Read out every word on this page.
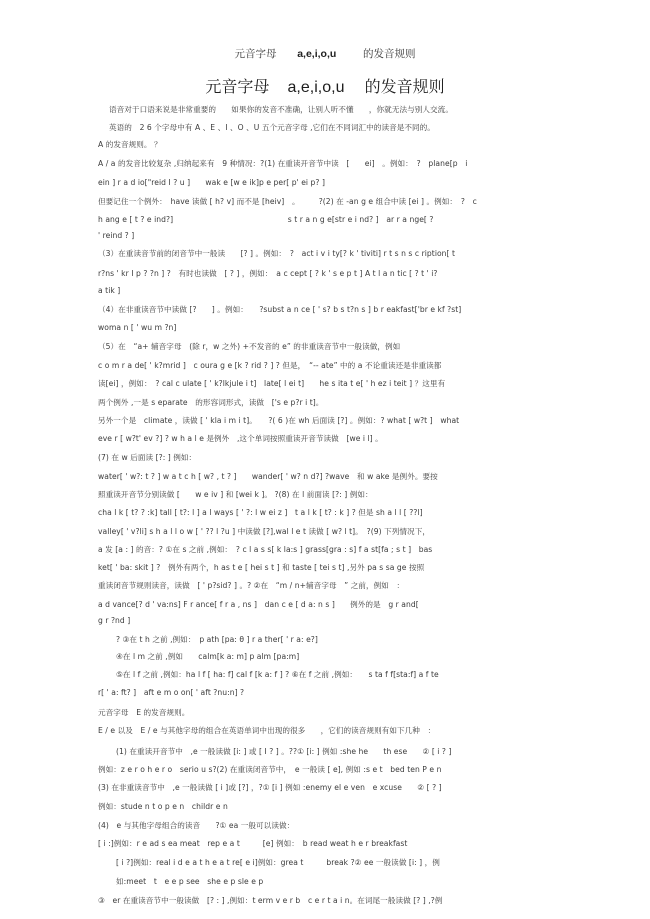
元音字母 a,e,i,o,u	的发音规则
元音字母 a,e,i,o,u 的发音规则
语音对于口语来说是非常重要的　　如果你的发音不准确，让别人听不懂　　，你就无法与别人交流。
英语的　2 6 个字母中有 A 、E 、I 、O 、U 五个元音字母 ,它们在不同词汇中的读音是不同的。
A 的发音规则。 ？
A / a 的发音比较复杂 ,归纳起来有　9 种情况：?(1) 在重读开音节中读　[　　ei]　。例如：　?　plane[p　i
ein ] r a d io["reid I ? u ]　　wak e [w e ik]p e per[ p' ei p? ]
但要记住一个例外：　have 读做 [ h? v] 而不是 [heiv]　。　　　?(2) 在 -an g e 组合中读 [ei ] 。例如：　?　c
h ang e [ t ? e ind?]　　　　　　　　　　　　　　　s t r a n g e[str e i nd? ]　ar r a nge[ ?
' reind ? ]
（3）在重读音节前的闭音节中一般读　　[? ] 。例如：　?　act i v i ty[? k ' tiviti] r t s n s c ription[ t
r?ns ' kr I p ? ?n ] ?　有时也读做　[ ? ] ，例如：　a c cept [ ? k ' s e p t ] A t l a n tic [ ? t ' i?
a tik ]
（4）在非重读音节中读做 [?　　] 。例如：　　?subst a n ce [ ' s? b s t?n s ] b r eakfast['br e kf ?st]
woma n [ ' wu m ?n]
（5）在　“a+ 辅音字母　(除 r，w 之外) +不发音的 e” 的非重读音节中一般读做，例如
c o m r a de[ ' k?mrid ]　c oura g e [k ? rid ? ] ? 但是，　“-- ate” 中的 a 不论重读还是非重读都
读[ei] ，例如：　? cal c ulate [ ' k?lkjule i t]　late[ l ei t]　　he s ita t e[ ' h ez i teit ] ？这里有
两个例外 ,一是 s eparate　的形容词形式，读做　['s e p?r i t]。
另外一个是　climate ，读做 [ ' kla i m i t]。　　?( 6 )在 wh 后面读 [?] 。例如：? what [ w?t ]　what
eve r [ w?t' ev ?] ? w h a l e 是例外　,这个单词按照重读开音节读做　[we i l] 。
(7) 在 w 后面读 [?: ] 例如：
water[ ' w?: t ? ] w a t c h [ w? , t ? ]　　wander[ ' w? n d?] ?wave　和 w ake 是例外。要按
照重读开音节分别读做 [　　w e iv ] 和 [wei k ]。 ?(8) 在 l 前面读 [?: ] 例如：
cha l k [ t? ? :k] tall [ t?: l ] a l ways [ ' ?: l w ei z ]　t a l k [ t? : k ] ? 但是 sh a l l [ ??l]
valley[ ' v?li] s h a l l o w [ ' ?? l ?u ] 中读做 [?],wal l e t 读做 [ w? l t]。　?(9) 下列情况下，
a 发 [a : ] 的音：? ①在 s 之前 ,例如：　? c l a s s[ k la:s ] grass[gra : s] f a st[fa ; s t ]　bas
ket[ ' ba: skit ] ?　例外有两个，h as t e [ hei s t ] 和 taste [ tei s t] ,另外 pa s sa ge 按照
重读闭音节规则读音，读做　[ ' p?sid? ] 。? ②在　“m / n+辅音字母　” 之前，例如　：
a d vance[? d ' va:ns] F r ance[ f r a , ns ]　dan c e [ d a: n s ]　　例外的是　g r and[
g r ?nd ]
? ③在 t h 之前 ,例如：　p ath [pa: θ ] r a ther[ ' r a: e?]
④在 l m 之前 ,例如　　calm[k a: m] p alm [pa:m]
⑤在 l f 之前 ,例如：ha l f [ ha: f] cal f [k a: f ] ? ⑥在 f 之前 ,例如：　　s ta f f[sta:f] a f te
r[ ' a: ft? ]　aft e m o on[ ' aft ?nu:n] ?
元音字母　E 的发音规则。
E / e 以及　E / e 与其他字母的组合在英语单词中出现的很多　　，它们的读音规则有如下几种　：
(1) 在重读开音节中　,e 一般读做 [i: ] 或 [ I ? ] 。??① [i: ] 例如 :she he　　th ese　　② [ i ? ]
例如：z e r o h e r o　serio u s?(2) 在重读闭音节中，　e 一般读 [ e], 例如 :s e t　bed ten P e n
(3) 在非重读音节中　,e 一般读做 [ i ]或 [?] ，?① [i ] 例如 :enemy el e ven　e xcuse　　② [ ? ]
例如：stude n t o p e n　childr e n
(4)　e 与其他字母组合的读音　　?① ea 一般可以读做：
[ i :]例如：r e ad s ea meat　rep e a t　　　[e] 例如：　b read weat h e r breakfast
[ i ?]例如：real i d e a t h e a t re[ e i]例如：grea t　　　break ?② ee 一般读做 [i: ] ，例
如:meet　t　e e p see　she e p sle e p
③　er 在重读音节中一般读做　[? : ] ,例如：t erm v e r b　c e r t a i n。在词尾一般读做 [? ] ,?例
